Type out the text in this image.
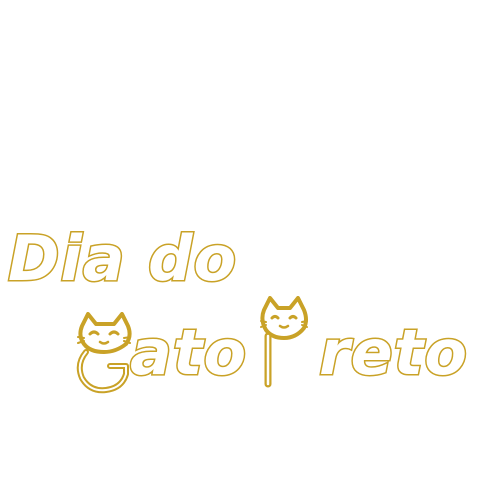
Dia do
ato reto
